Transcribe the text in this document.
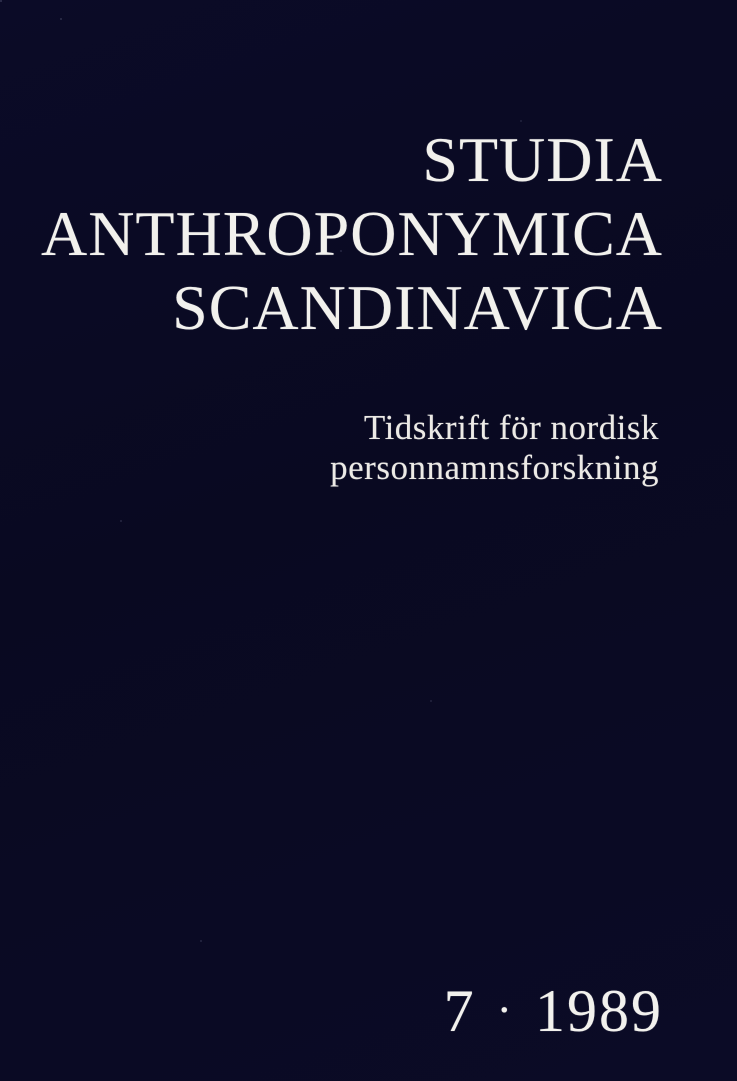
STUDIA
ANTHROPONYMICA
SCANDINAVICA

Tidskrift för nordisk
personnamnsforskning

7 · 1989
